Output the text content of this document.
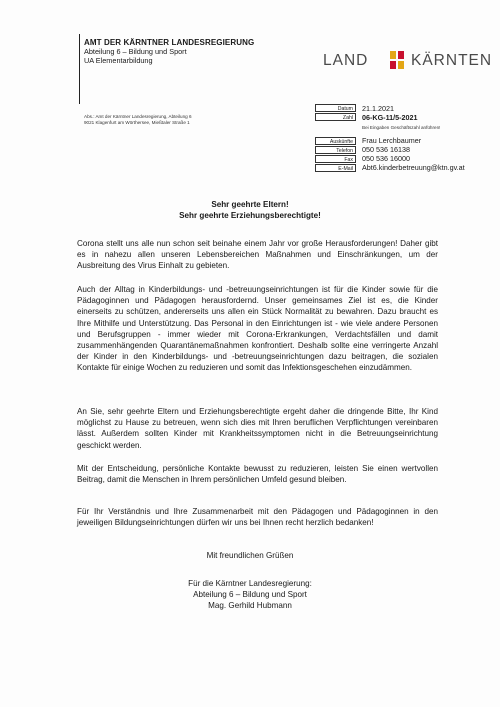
AMT DER KÄRNTNER LANDESREGIERUNG
Abteilung 6 – Bildung und Sport
UA Elementarbildung	LAND	KÄRNTEN
Abs.: Amt der Kärntner Landesregierung, Abteilung 6
9021 Klagenfurt am Wörthersee, Mießtaler Straße 1
Datum	21.1.2021
Zahl	06-KG-11/5-2021
Bei Eingaben Geschäftszahl anführen!
Auskünfte	Frau Lerchbaumer
Telefon	050 536 16138
Fax	050 536 16000
E-Mail	Abt6.kinderbetreuung@ktn.gv.at
Sehr geehrte Eltern!
Sehr geehrte Erziehungsberechtigte!
Corona stellt uns alle nun schon seit beinahe einem Jahr vor große Herausforderungen! Daher gibt es in nahezu allen unseren Lebensbereichen Maßnahmen und Einschränkungen, um der Ausbreitung des Virus Einhalt zu gebieten.
Auch der Alltag in Kinderbildungs- und -betreuungseinrichtungen ist für die Kinder sowie für die Pädagoginnen und Pädagogen herausfordernd. Unser gemeinsames Ziel ist es, die Kinder einerseits zu schützen, andererseits uns allen ein Stück Normalität zu bewahren. Dazu braucht es Ihre Mithilfe und Unterstützung. Das Personal in den Einrichtungen ist - wie viele andere Personen und Berufsgruppen - immer wieder mit Corona-Erkrankungen, Verdachtsfällen und damit zusammenhängenden Quarantänemaßnahmen konfrontiert. Deshalb sollte eine verringerte Anzahl der Kinder in den Kinderbildungs- und -betreuungseinrichtungen dazu beitragen, die sozialen Kontakte für einige Wochen zu reduzieren und somit das Infektionsgeschehen einzudämmen.
An Sie, sehr geehrte Eltern und Erziehungsberechtigte ergeht daher die dringende Bitte, Ihr Kind möglichst zu Hause zu betreuen, wenn sich dies mit Ihren beruflichen Verpflichtungen vereinbaren lässt. Außerdem sollten Kinder mit Krankheitssymptomen nicht in die Betreuungseinrichtung geschickt werden.
Mit der Entscheidung, persönliche Kontakte bewusst zu reduzieren, leisten Sie einen wertvollen Beitrag, damit die Menschen in Ihrem persönlichen Umfeld gesund bleiben.
Für Ihr Verständnis und Ihre Zusammenarbeit mit den Pädagogen und Pädagoginnen in den jeweiligen Bildungseinrichtungen dürfen wir uns bei Ihnen recht herzlich bedanken!
Mit freundlichen Grüßen
Für die Kärntner Landesregierung:
Abteilung 6 – Bildung und Sport
Mag. Gerhild Hubmann
